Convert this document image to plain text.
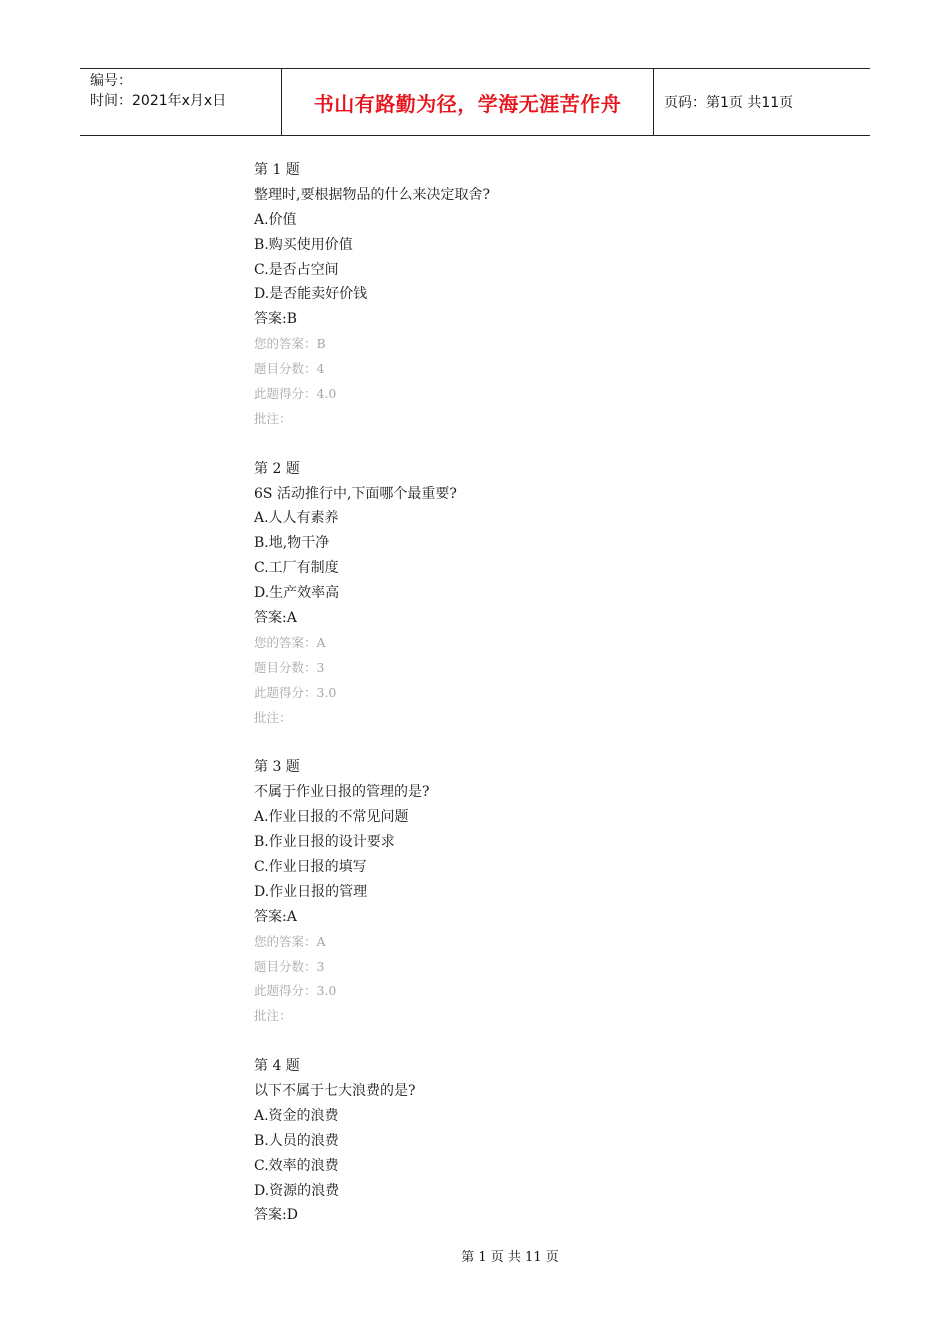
编号：
时间：2021年x月x日	书山有路勤为径，学海无涯苦作舟	页码：第1页 共11页
第 1 题
整理时,要根据物品的什么来决定取舍?
A.价值
B.购买使用价值
C.是否占空间
D.是否能卖好价钱
答案:B
您的答案：B
题目分数：4
此题得分：4.0
批注：
第 2 题
6S 活动推行中,下面哪个最重要?
A.人人有素养
B.地,物干净
C.工厂有制度
D.生产效率高
答案:A
您的答案：A
题目分数：3
此题得分：3.0
批注：
第 3 题
不属于作业日报的管理的是?
A.作业日报的不常见问题
B.作业日报的设计要求
C.作业日报的填写
D.作业日报的管理
答案:A
您的答案：A
题目分数：3
此题得分：3.0
批注：
第 4 题
以下不属于七大浪费的是?
A.资金的浪费
B.人员的浪费
C.效率的浪费
D.资源的浪费
答案:D
第 1 页 共 11 页
